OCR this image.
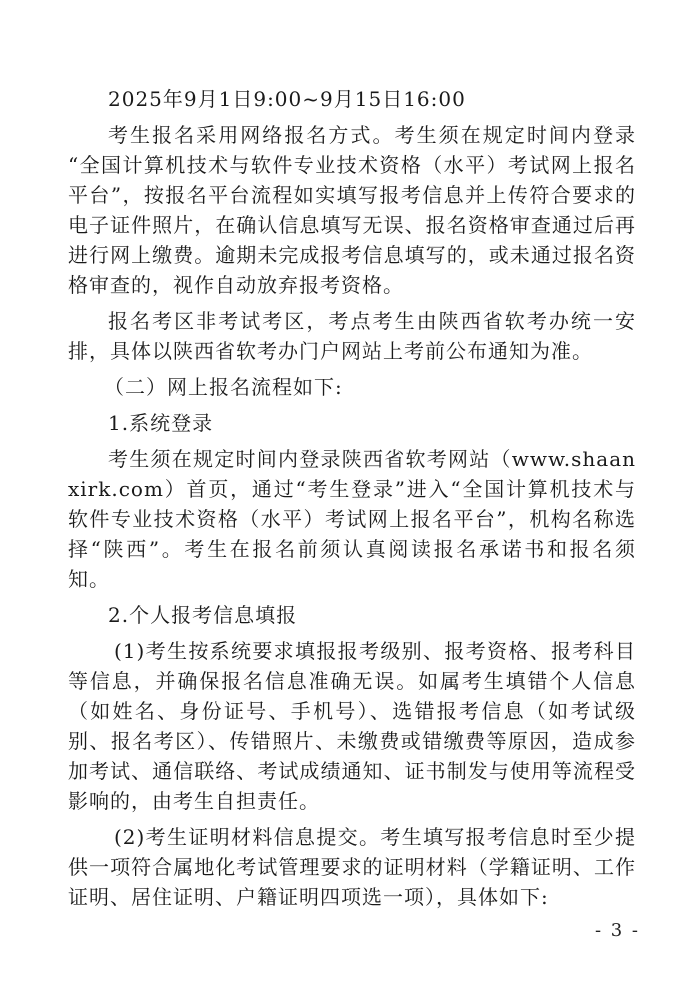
2025年9月1日9:00~9月15日16:00

考生报名采用网络报名方式。考生须在规定时间内登录 “全国计算机技术与软件专业技术资格（水平）考试网上报名平台”，按报名平台流程如实填写报考信息并上传符合要求的电子证件照片，在确认信息填写无误、报名资格审查通过后再进行网上缴费。逾期未完成报考信息填写的，或未通过报名资格审查的，视作自动放弃报考资格。

报名考区非考试考区，考点考生由陕西省软考办统一安排，具体以陕西省软考办门户网站上考前公布通知为准。

（二）网上报名流程如下:

1.系统登录

考生须在规定时间内登录陕西省软考网站（www.shaanxirk.com）首页，通过“考生登录”进入“全国计算机技术与软件专业技术资格（水平）考试网上报名平台”，机构名称选择“陕西”。考生在报名前须认真阅读报名承诺书和报名须知。

2.个人报考信息填报

(1)考生按系统要求填报报考级别、报考资格、报考科目等信息，并确保报名信息准确无误。如属考生填错个人信息（如姓名、身份证号、手机号）、选错报考信息（如考试级别、报名考区）、传错照片、未缴费或错缴费等原因，造成参加考试、通信联络、考试成绩通知、证书制发与使用等流程受影响的，由考生自担责任。

(2)考生证明材料信息提交。考生填写报考信息时至少提供一项符合属地化考试管理要求的证明材料（学籍证明、工作证明、居住证明、户籍证明四项选一项），具体如下:

- 3 -
